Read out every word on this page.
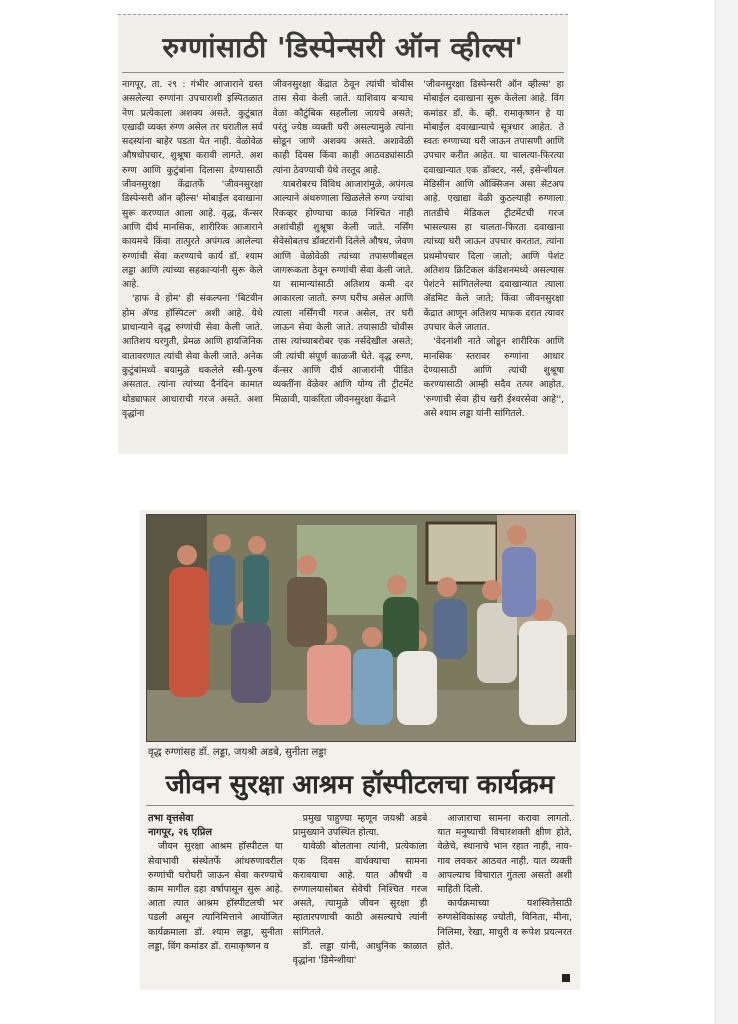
रुग्णांसाठी 'डिस्पेन्सरी ऑन व्हील्स'

नागपूर, ता. २९ : गंभीर आजाराने ग्रस्त असलेल्या रुग्णांना उपचाराशी इस्पितळात नेण प्रत्येकाला अशक्य असते. कुटुंबात एखादी व्यक्त रुग्ण असेल तर घरातील सर्व सदस्यांना बाहेर पडता येत नाही. वेळोवेळ औषधोपचार, शुश्रूषा करावी लागते. अश रुग्ण आणि कुटुंबांना दिलासा देण्यासाठी जीवनसुरक्षा केंद्रातर्फे 'जीवनसुरक्षा डिस्पेन्सरी ऑन व्हील्स' मोबाईल दवाखाना सुरू करण्यात आला आहे. वृद्ध, कॅन्सर आणि दीर्घ मानसिक, शारीरिक आजाराने कायमचे किंवा तात्पुरते अपंगत्व आलेल्या रुग्णांची सेवा करण्याचे कार्य डॉ. श्याम लड्डा आणि त्यांच्या सहकाऱ्यांनी सुरू केले आहे.

'हाफ वे होम' ही संकल्पना 'बिटवीन होम ॲण्ड हॉस्पिटल' अशी आहे. येथे प्राधान्याने वृद्ध रुग्णांची सेवा केली जाते. आतिशय घरगुती, प्रेमळ आणि हायजिनिक वातावरणात त्यांची सेवा केली जाते. अनेक कुटुंबांमध्ये बयामुळे थकलेले स्त्री-पुरुष असतात. त्यांना त्यांच्या दैनंदिन कामात थोड्याफार आधाराची गरज असते. अशा वृद्धांना

जीवनसुरक्षा केंद्रात ठेवून त्यांची चोवीस तास सेवा केली जाते. याशिवाय बऱ्याच वेळा कौटुंबिक सहलीला जायचे असते; परंतु ज्येष्ठ व्यक्ती घरी असल्यामुळे त्यांना सोडून जाणे अशक्य असते. अशावेळी काही दिवस किंवा काही आठवड्यांसाठी त्यांना ठेवण्याची येथे तरतूद आहे.

याबरोबरच विविध आजारांमुळे, अपंगत्व आल्याने अंथरुणाला खिळलेले रुग्ण ज्यांचा रिकव्हर होण्याचा काळ निश्चित नाही अशांचीही शुश्रूषा केली जाते. नर्सिंग सेवेसोबतच डॉक्टरांनी दिलेले औषध, जेवण आणि वेळोवेळी त्यांच्या तपासणीबद्दल जागरूकता ठेवून रुग्णांची सेवा केली जाते. या सामान्यांसाठी अतिशय कमी दर आकारला जातो. रुग्ण घरीच असेल आणि त्याला नर्सिंगची गरज असेल, तर घरी जाऊन सेवा केली जाते. तयासाठी चोवीस तास त्यांच्याबरोबर एक नर्सदेखील असते; जी त्यांची संपूर्ण काळजी घेते. वृद्ध रुग्ण, कॅन्सर आणि दीर्घ आजारांनी पीडित व्यक्तींना वेळेवर आणि योग्य ती ट्रीटमेंट मिळावी, याकरिता जीवनसुरक्षा केंद्राने

'जीवनसुरक्षा डिस्पेन्सरी ऑन व्हील्स' हा मोबाईल दवाखाना सुरू केलेला आहे. विंग कमांडर डॉ. के. व्ही. रामाकृष्णन हे या मोबाईल दवाखान्याचे सूत्रधार आहेत. ते स्वतः रुग्णाच्या घरी जाऊन तपासणी आणि उपचार करीत आहेत. या चालत्या-फिरत्या दवाखान्यात एक डॉक्टर, नर्स, इसेन्शीयल मेडिसीन आणि ऑक्सिजन असा सेटअप आहे. एखाद्या वेळी कुठल्याही रुग्णाला तातडीचे मेडिकल ट्रीटमेंटची गरज भासल्यास हा चालता-फिरता दवाखाना त्यांच्या घरी जाऊन उपचार करतात. त्यांना प्रथमोपचार दिला जातो; आणि पेशंट अतिशय क्रिटिकल कंडिशनमध्ये असल्यास पेशंटने सांगितलेल्या दवाखान्यात त्याला ॲडमिट केले जाते; किंवा जीवनसुरक्षा केंद्रात आणून अतिशय माफक दरात त्यावर उपचार केले जातात.

'वेदनांशी नाते जोडून शारीरिक आणि मानसिक स्तरावर रुग्णांना आधार देण्यासाठी आणि त्यांची शुश्रूषा करण्यासाठी आम्ही सदैव तत्पर आहोत. 'रुग्णांची सेवा हीच खरी ईश्वरसेवा आहे'', असे श्याम लड्डा यांनी सांगितले.

वृद्ध रुग्णांसह डॉ. लड्डा, जयश्री अडबे, सुनीता लड्डा
जीवन सुरक्षा आश्रम हॉस्पीटलचा कार्यक्रम

तभा वृत्तसेवा

नागपूर, २६ एप्रिल

जीवन सुरक्षा आश्रम हॉस्पीटल या सेवाभावी संस्थेतर्फे आंथरुणावरील रुग्णांची घरोघरी जाऊन सेवा करण्याचे काम मागील दहा वर्षापासून सुरू आहे. आता त्यात आश्रम हॉस्पीटलची भर पडली असून त्यानिमित्ताने आयोजित कार्यक्रमाला डॉ. श्याम लड्डा, सुनीता लड्डा, विंग कमांडर डॉ. रामाकृष्णन व

प्रमुख पाहुण्या म्हणून जयश्री अडबे प्रामुख्याने उपस्थित होत्या.

यावेळी बोलताना त्यांनी, प्रत्येकाला एक दिवस वार्धक्याचा सामना करावयाचा आहे. यात औषधी व रुग्णालयासोबत सेवेची निश्चित गरज असते, त्यामुळे जीवन सुरक्षा ही म्हातारपणाची काठी असल्याचे त्यांनी सांगितले.

डॉ. लड्डा यांनी, आधुनिक काळात वृद्धांना 'डिमेन्शीया'

आजाराचा सामना करावा लागतो. यात मनुष्याची विचारशक्ती क्षीण होते, वेळेचे, स्थानाचे भान रहात नाही, नाव-गाव लवकर आठवत नाही. यात व्यक्ती आपल्याच विचारात गुंतला असतो अशी माहिती दिली.

कार्यक्रमाच्या यशस्वितेसाठी रुग्णसेविकांसह ज्योती, विनिता, मीना, निलिमा, रेखा, माधुरी व रूपेश प्रयत्नरत होते.
